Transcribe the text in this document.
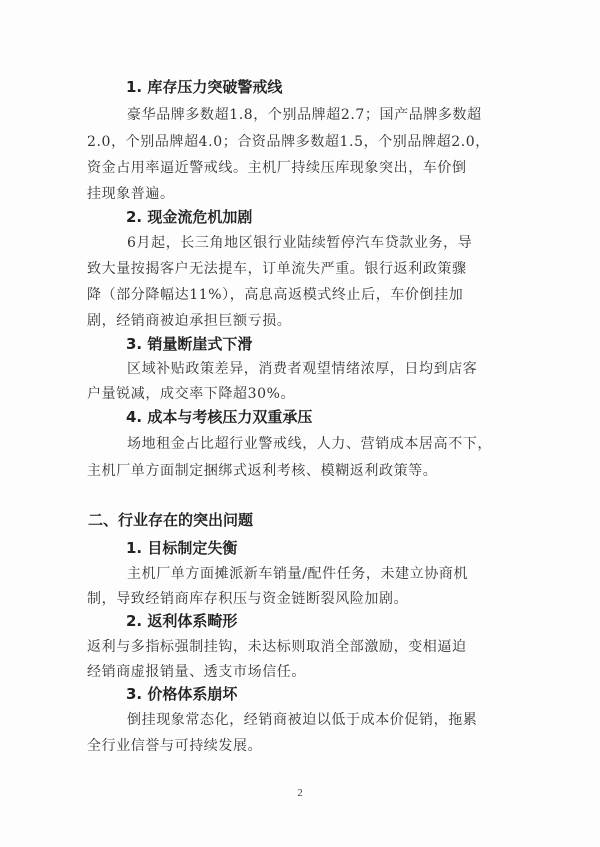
1. 库存压力突破警戒线
豪华品牌多数超1.8，个别品牌超2.7；国产品牌多数超
2.0，个别品牌超4.0；合资品牌多数超1.5，个别品牌超2.0，
资金占用率逼近警戒线。主机厂持续压库现象突出，车价倒
挂现象普遍。
2. 现金流危机加剧
6月起，长三角地区银行业陆续暂停汽车贷款业务，导
致大量按揭客户无法提车，订单流失严重。银行返利政策骤
降（部分降幅达11%），高息高返模式终止后，车价倒挂加
剧，经销商被迫承担巨额亏损。
3. 销量断崖式下滑
区域补贴政策差异，消费者观望情绪浓厚，日均到店客
户量锐减，成交率下降超30%。
4. 成本与考核压力双重承压
场地租金占比超行业警戒线，人力、营销成本居高不下，
主机厂单方面制定捆绑式返利考核、模糊返利政策等。
二、行业存在的突出问题
1. 目标制定失衡
主机厂单方面摊派新车销量/配件任务，未建立协商机
制，导致经销商库存积压与资金链断裂风险加剧。
2. 返利体系畸形
返利与多指标强制挂钩，未达标则取消全部激励，变相逼迫
经销商虚报销量、透支市场信任。
3. 价格体系崩坏
倒挂现象常态化，经销商被迫以低于成本价促销，拖累
全行业信誉与可持续发展。
2
